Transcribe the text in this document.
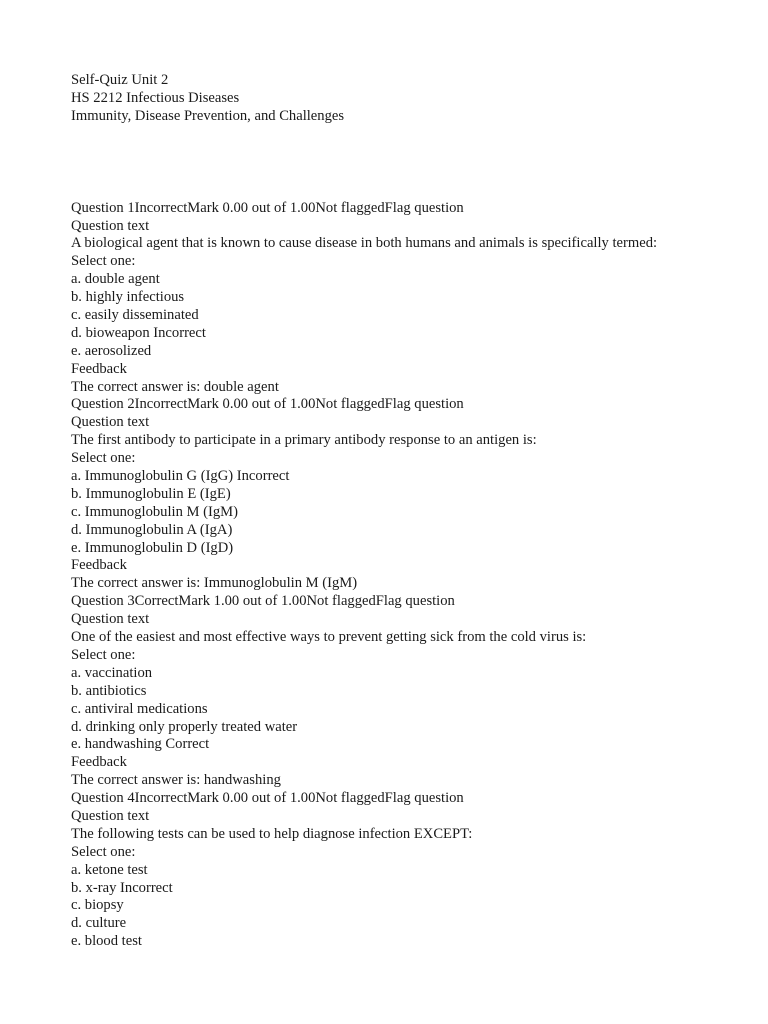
Self-Quiz Unit 2
HS 2212 Infectious Diseases
Immunity, Disease Prevention, and Challenges
Question 1IncorrectMark 0.00 out of 1.00Not flaggedFlag question
Question text
A biological agent that is known to cause disease in both humans and animals is specifically termed:
Select one:
a. double agent
b. highly infectious
c. easily disseminated
d. bioweapon Incorrect
e. aerosolized
Feedback
The correct answer is: double agent
Question 2IncorrectMark 0.00 out of 1.00Not flaggedFlag question
Question text
The first antibody to participate in a primary antibody response to an antigen is:
Select one:
a. Immunoglobulin G (IgG) Incorrect
b. Immunoglobulin E (IgE)
c. Immunoglobulin M (IgM)
d. Immunoglobulin A (IgA)
e. Immunoglobulin D (IgD)
Feedback
The correct answer is: Immunoglobulin M (IgM)
Question 3CorrectMark 1.00 out of 1.00Not flaggedFlag question
Question text
One of the easiest and most effective ways to prevent getting sick from the cold virus is:
Select one:
a. vaccination
b. antibiotics
c. antiviral medications
d. drinking only properly treated water
e. handwashing Correct
Feedback
The correct answer is: handwashing
Question 4IncorrectMark 0.00 out of 1.00Not flaggedFlag question
Question text
The following tests can be used to help diagnose infection EXCEPT:
Select one:
a. ketone test
b. x-ray Incorrect
c. biopsy
d. culture
e. blood test
